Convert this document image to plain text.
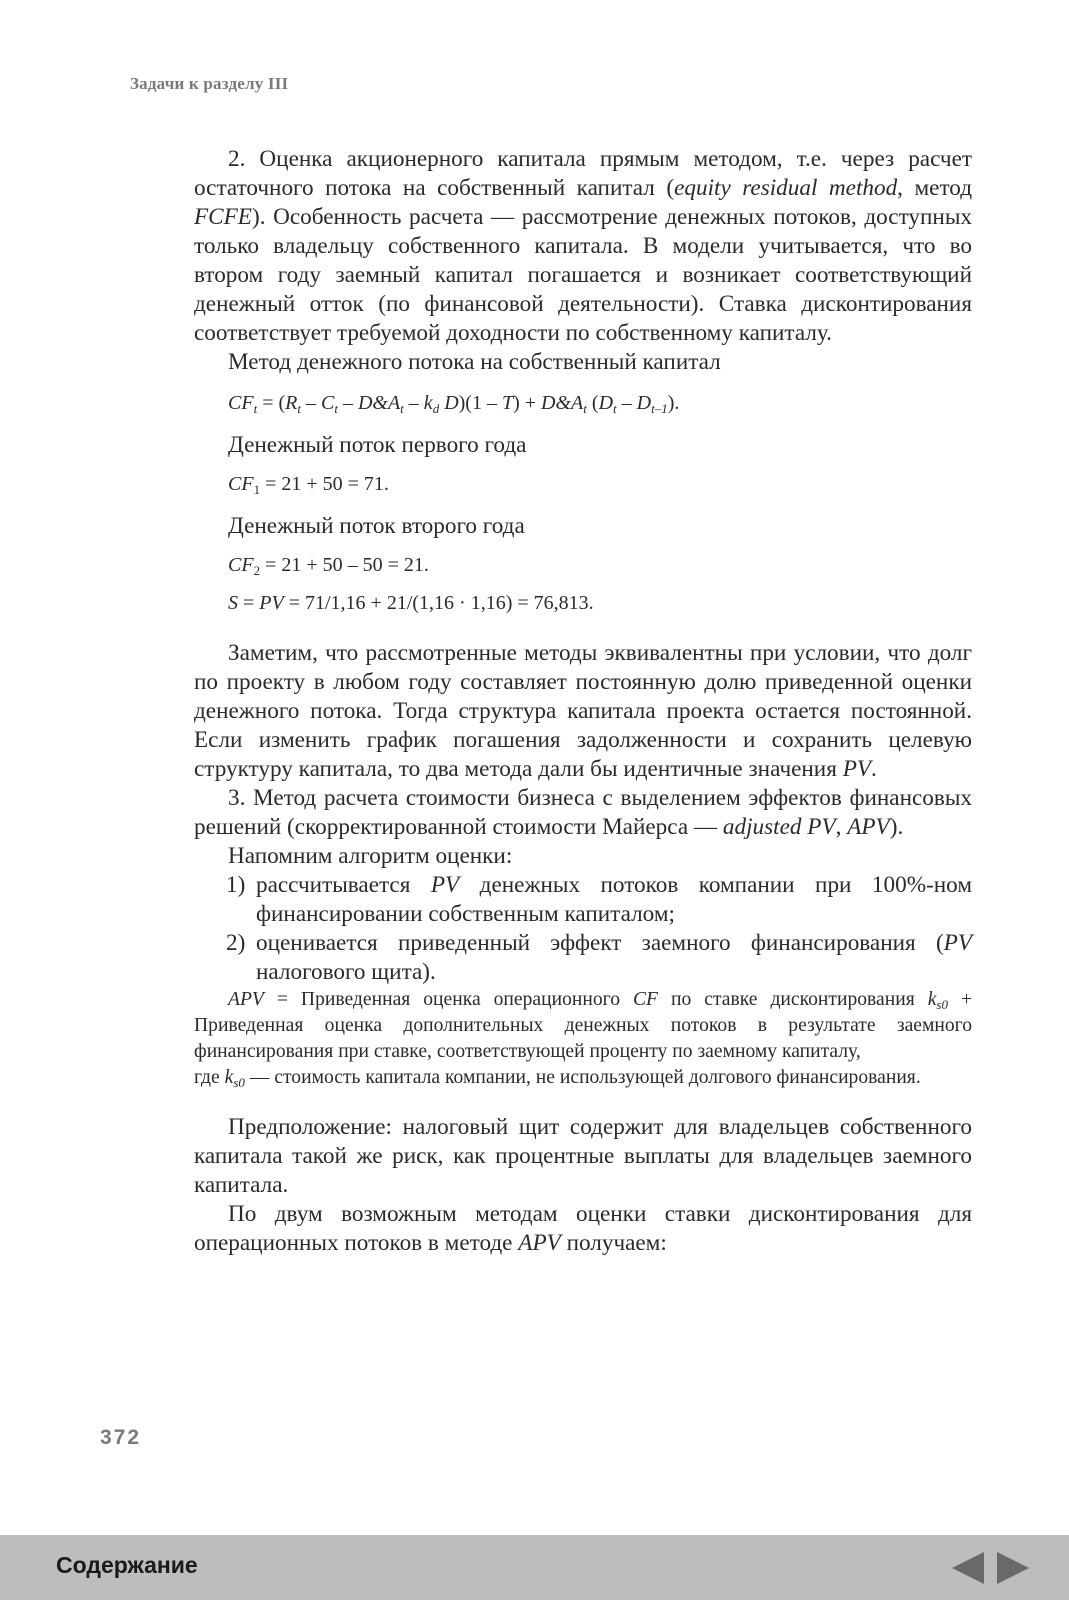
Задачи к разделу III

2. Оценка акционерного капитала прямым методом, т.е. через расчет остаточного потока на собственный капитал (equity residual method, метод FCFE). Особенность расчета — рассмотрение денежных потоков, доступных только владельцу собственного капитала. В модели учитывается, что во втором году заемный капитал погашается и возникает соответствующий денежный отток (по финансовой деятельности). Ставка дисконтирования соответствует требуемой доходности по собственному капиталу.

Метод денежного потока на собственный капитал

$CF_t = (R_t - C_t$ – $D\&A_t - k_d$ $D)(1 - T) + D\&A_t$ $(D_t - D_{t-1})$.

Денежный поток первого года

$CF_1 = 21 + 50 = 71$.

Денежный поток второго года

$CF_2 = 21 + 50 - 50 = 21$.

S = PV = 71/1,16 + 21/(1,16 · 1,16) = 76,813.

Заметим, что рассмотренные методы эквивалентны при условии, что долг по проекту в любом году составляет постоянную долю приведенной оценки денежного потока. Тогда структура капитала проекта остается постоянной. Если изменить график погашения задолженности и сохранить целевую структуру капитала, то два метода дали бы идентичные значения PV.

3. Метод расчета стоимости бизнеса с выделением эффектов финансовых решений (скорректированной стоимости Майерса — adjusted PV, APV).

Напомним алгоритм оценки:

1) рассчитывается PV денежных потоков компании при 100%-ном финансировании собственным капиталом;
2) оценивается приведенный эффект заемного финансирования (PV налогового щита).

APV = Приведенная оценка операционного CF по ставке дисконтирования $k_{s0}$ + Приведенная оценка дополнительных денежных потоков в результате заемного финансирования при ставке, соответствующей проценту по заемному капиталу,

где $k_{s0}$ — стоимость капитала компании, не использующей долгового финансирования.

Предположение: налоговый щит содержит для владельцев собственного капитала такой же риск, как процентные выплаты для владельцев заемного капитала.

По двум возможным методам оценки ставки дисконтирования для операционных потоков в методе APV получаем:

372
Содержание
